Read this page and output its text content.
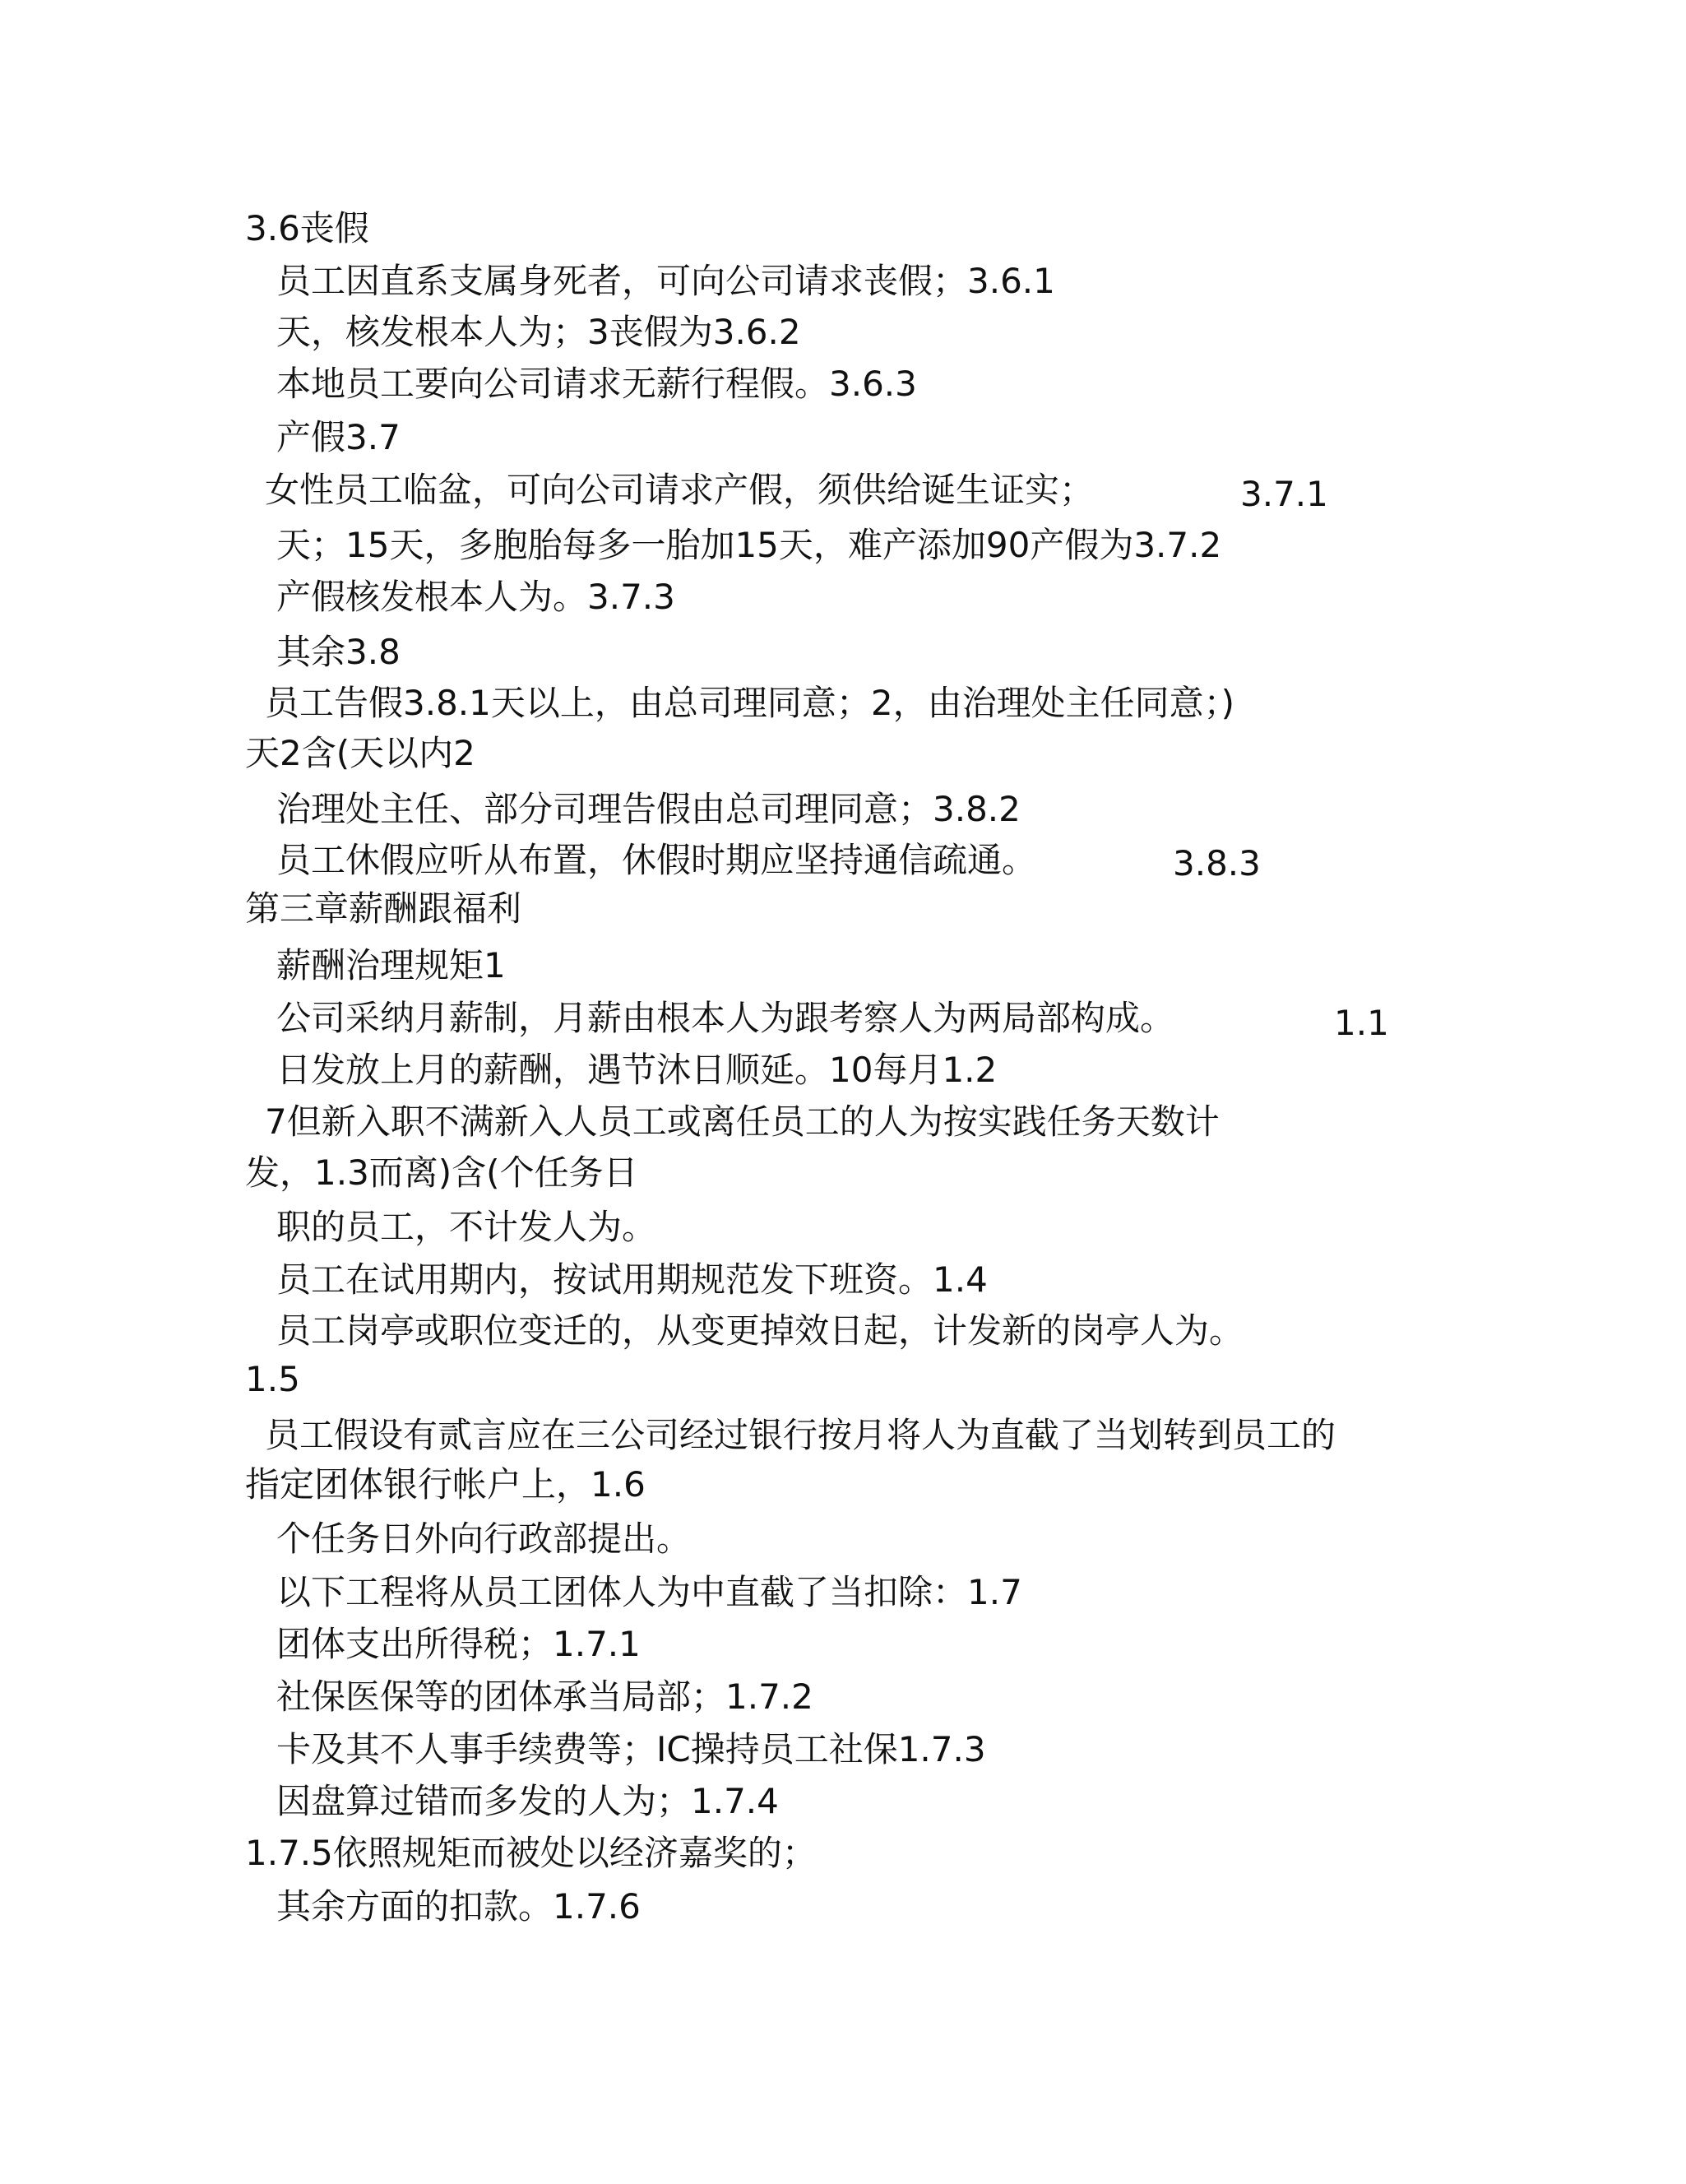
3.6丧假
员工因直系支属身死者，可向公司请求丧假；3.6.1
天，核发根本人为；3丧假为3.6.2
本地员工要向公司请求无薪行程假。3.6.3
产假3.7
女性员工临盆，可向公司请求产假，须供给诞生证实；	3.7.1
天；15天，多胞胎每多一胎加15天，难产添加90产假为3.7.2
产假核发根本人为。3.7.3
其余3.8
员工告假3.8.1天以上，由总司理同意；2，由治理处主任同意；)
天2含(天以内2
治理处主任、部分司理告假由总司理同意；3.8.2
员工休假应听从布置，休假时期应坚持通信疏通。	3.8.3
第三章薪酬跟福利
薪酬治理规矩1
公司采纳月薪制，月薪由根本人为跟考察人为两局部构成。	1.1
日发放上月的薪酬，遇节沐日顺延。10每月1.2
7但新入职不满新入人员工或离任员工的人为按实践任务天数计
发，1.3而离)含(个任务日
职的员工，不计发人为。
员工在试用期内，按试用期规范发下班资。1.4
员工岗亭或职位变迁的，从变更掉效日起，计发新的岗亭人为。
1.5
员工假设有贰言应在三公司经过银行按月将人为直截了当划转到员工的
指定团体银行帐户上，1.6
个任务日外向行政部提出。
以下工程将从员工团体人为中直截了当扣除：1.7
团体支出所得税；1.7.1
社保医保等的团体承当局部；1.7.2
卡及其不人事手续费等；IC操持员工社保1.7.3
因盘算过错而多发的人为；1.7.4
1.7.5依照规矩而被处以经济嘉奖的；
其余方面的扣款。1.7.6
